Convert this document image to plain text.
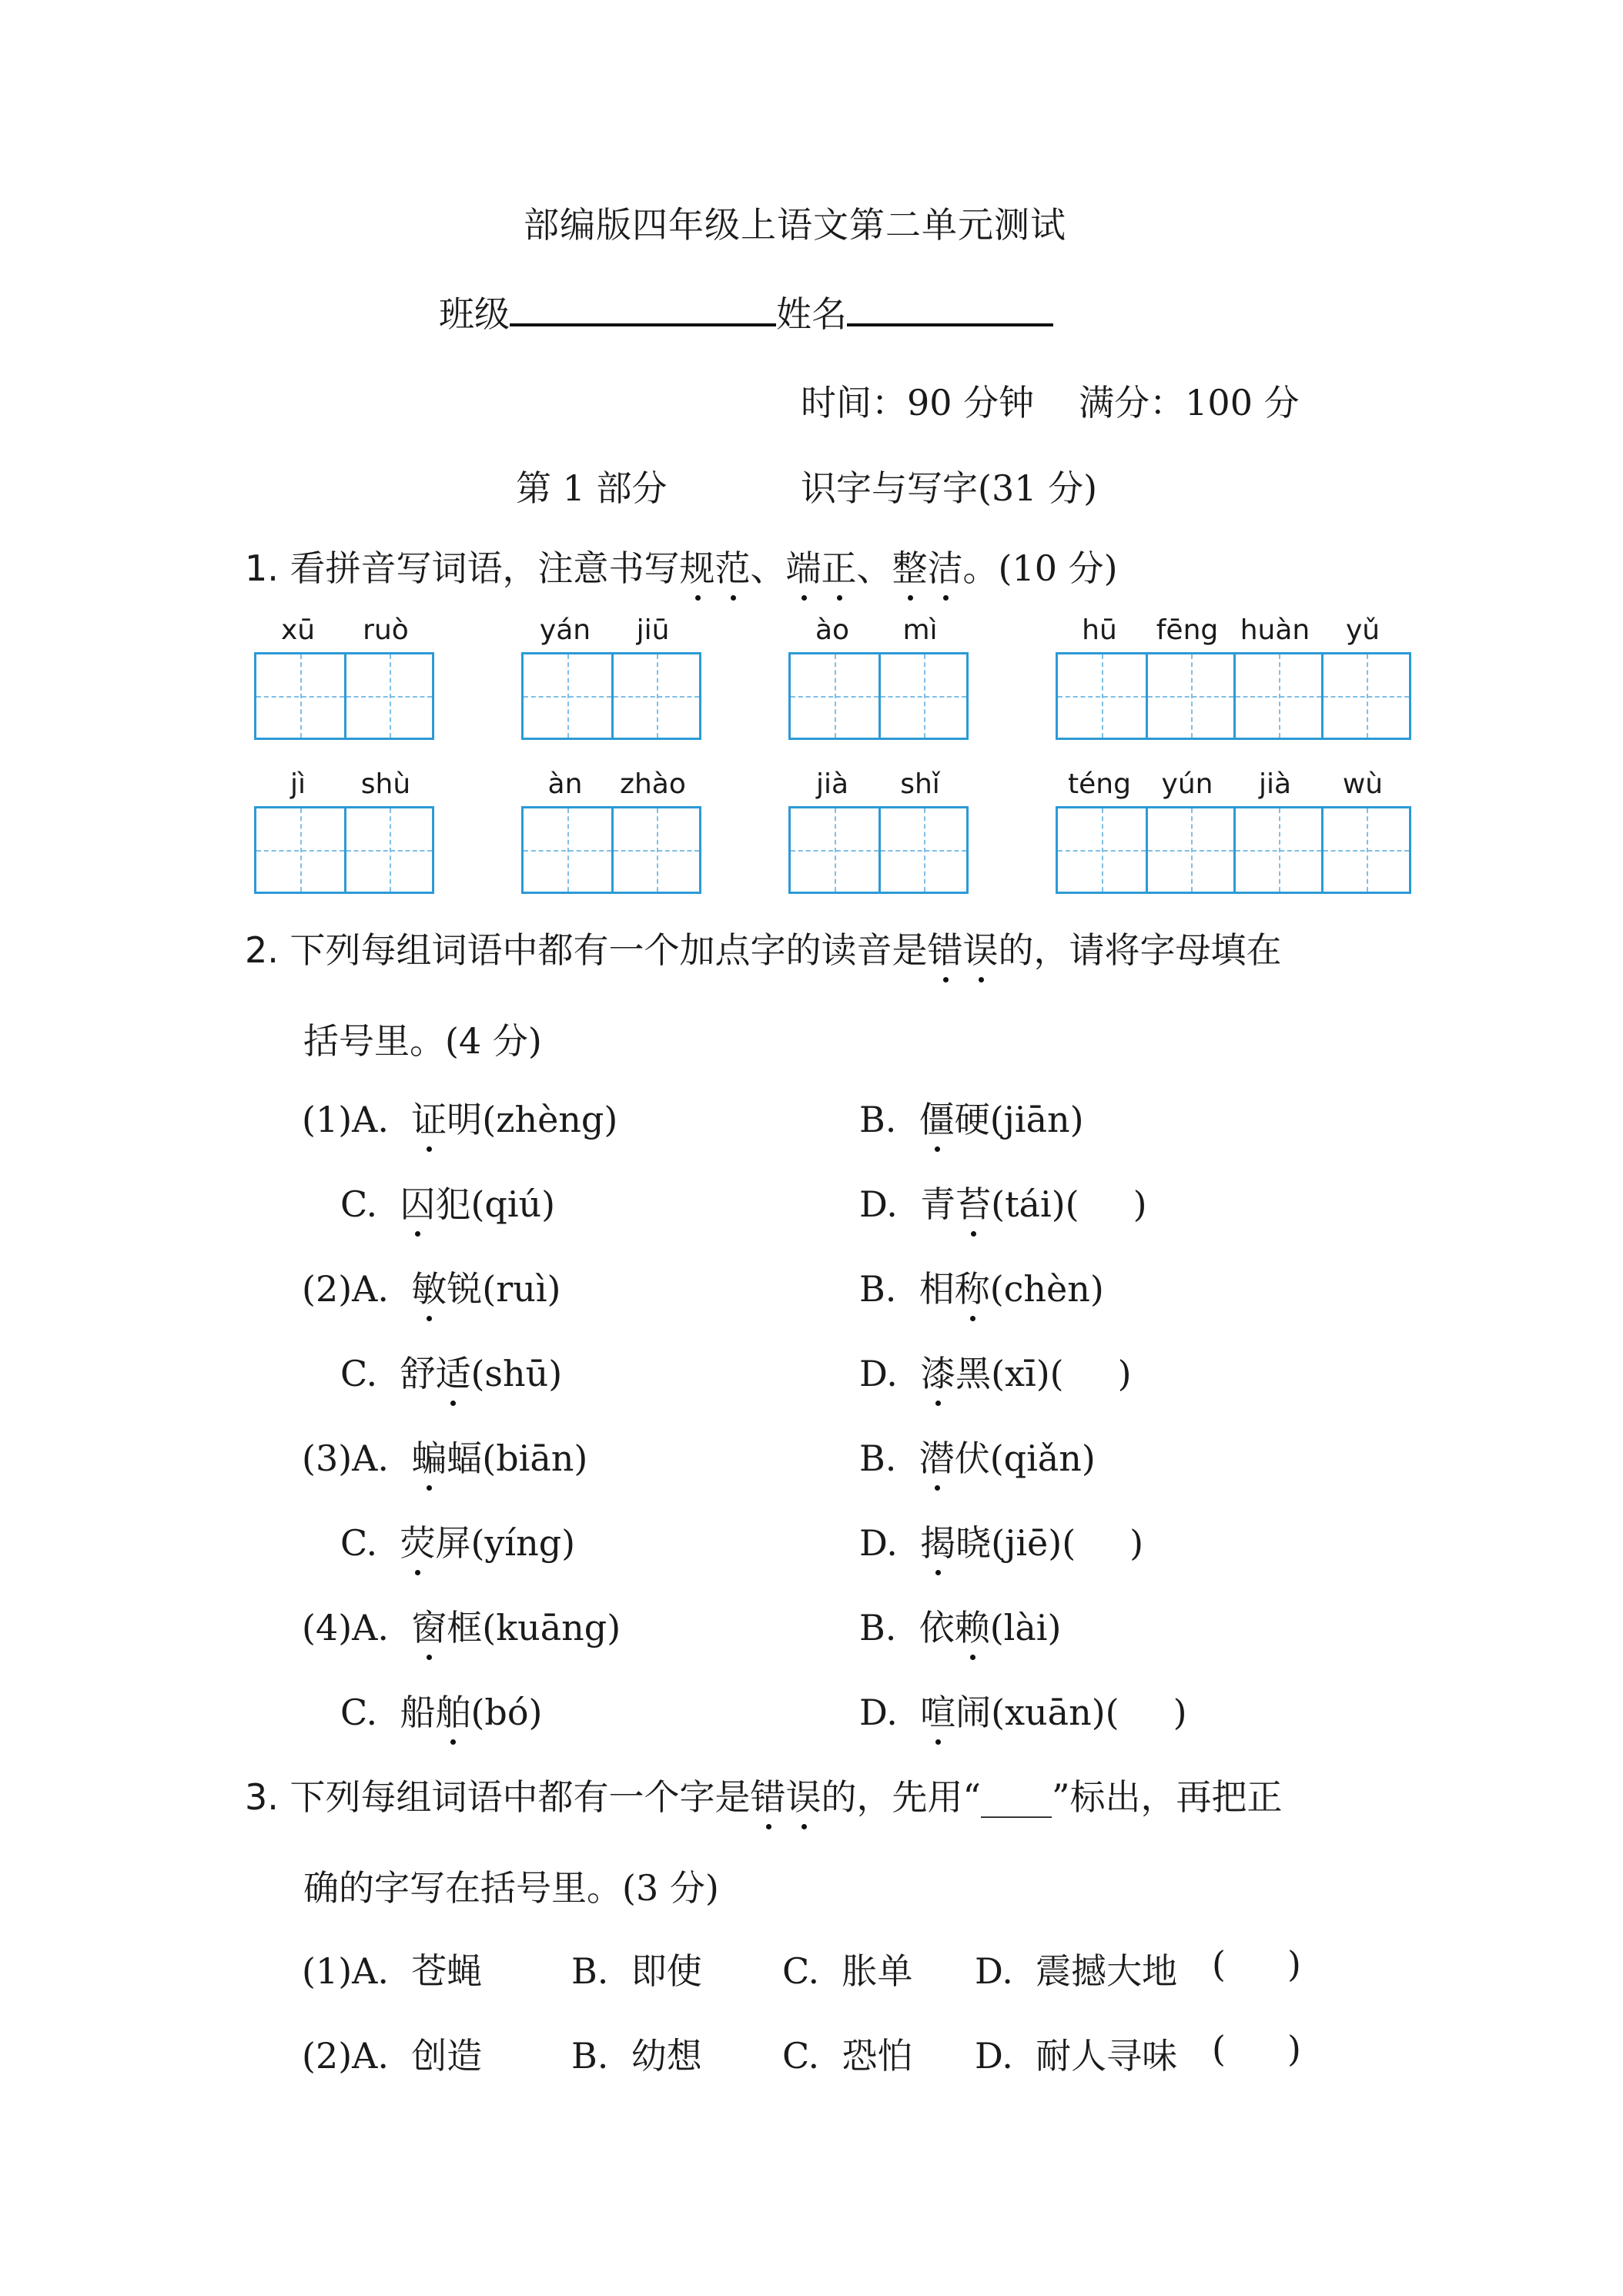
部编版四年级上语文第二单元测试
班级	姓名
时间：90 分钟 满分：100 分
第 1 部分	识字与写字(31 分)
1. 看拼音写词语，注意书写规范、端正、整洁。(10 分)
xū	ruò	yán	jiū	ào	mì	hū	fēng huàn	yǔ
jì	shù	àn	zhào	jià	shǐ	téng	yún	jià	wù
2. 下列每组词语中都有一个加点字的读音是错误的，请将字母填在
括号里。(4 分)
(1)A. 证明(zhèng)	B. 僵硬(jiān)
C. 囚犯(qiú)	D. 青苔(tái)( )
(2)A. 敏锐(ruì)	B. 相称(chèn)
C. 舒适(shū)	D. 漆黑(xī)( )
(3)A. 蝙蝠(biān)	B. 潜伏(qiǎn)
C. 荧屏(yíng)	D. 揭晓(jiē)( )
(4)A. 窗框(kuāng)	B. 依赖(lài)
C. 船舶(bó)	D. 喧闹(xuān)( )
3. 下列每组词语中都有一个字是错误的，先用“____”标出，再把正
确的字写在括号里。(3 分)
(1)A. 苍蝇	B. 即使 C. 胀单 D. 震撼大地 ( )
(2)A. 创造	B. 幼想 C. 恐怕 D. 耐人寻味 ( )
